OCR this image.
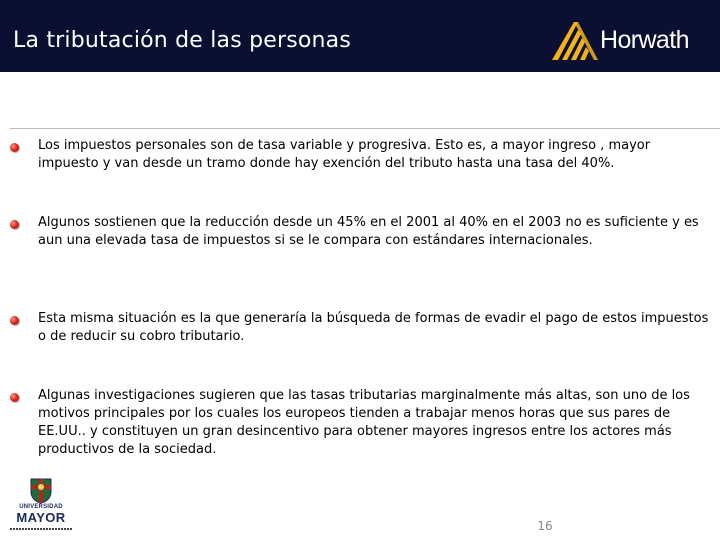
La tributación de las personas	Horwath
Los impuestos personales son de tasa variable y progresiva. Esto es, a mayor ingreso , mayor impuesto y van desde un tramo donde hay exención del tributo hasta una tasa del 40%.
Algunos sostienen que la reducción desde un 45% en el 2001 al 40% en el 2003 no es suficiente y es aun una elevada tasa de impuestos si se le compara con estándares internacionales.
Esta misma situación es la que generaría la búsqueda de formas de evadir el pago de estos impuestos o de reducir su cobro tributario.
Algunas investigaciones sugieren que las tasas tributarias marginalmente más altas, son uno de los motivos principales por los cuales los europeos tienden a trabajar menos horas que sus pares de EE.UU.. y constituyen un gran desincentivo para obtener mayores ingresos entre los actores más productivos de la sociedad.
UNIVERSIDAD
MAYOR
16
